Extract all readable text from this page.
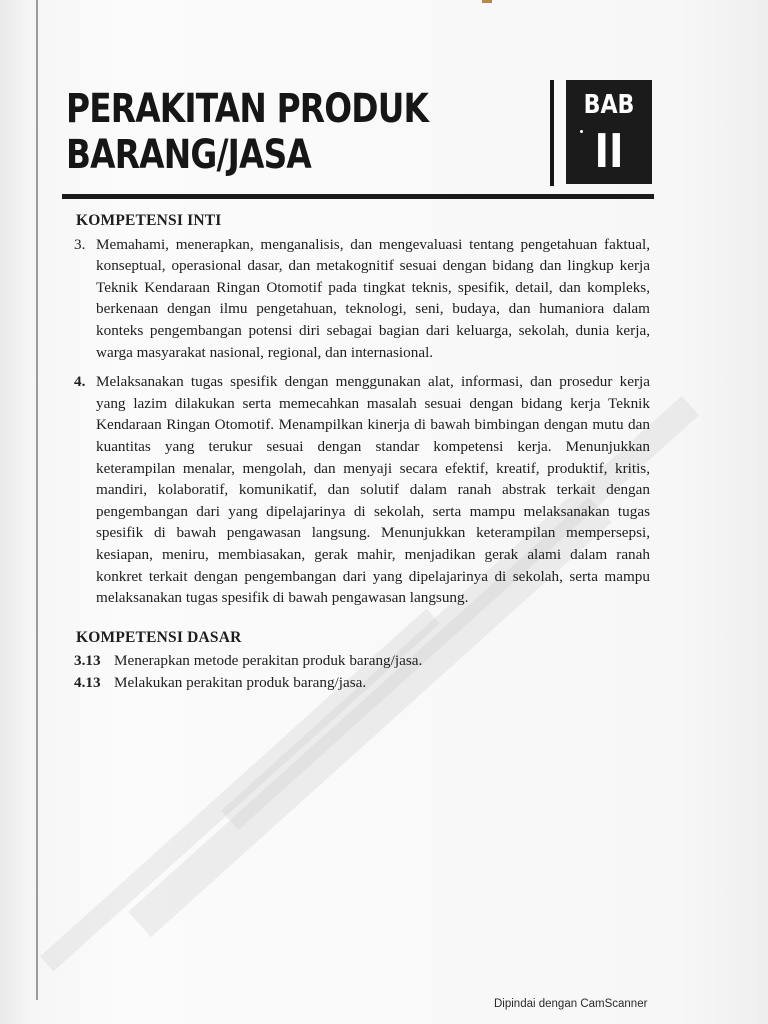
PERAKITAN PRODUK
BARANG/JASA
BAB
II
KOMPETENSI INTI
3. Memahami, menerapkan, menganalisis, dan mengevaluasi tentang pengetahuan faktual, konseptual, operasional dasar, dan metakognitif sesuai dengan bidang dan lingkup kerja Teknik Kendaraan Ringan Otomotif pada tingkat teknis, spesifik, detail, dan kompleks, berkenaan dengan ilmu pengetahuan, teknologi, seni, budaya, dan humaniora dalam konteks pengembangan potensi diri sebagai bagian dari keluarga, sekolah, dunia kerja, warga masyarakat nasional, regional, dan internasional.
4. Melaksanakan tugas spesifik dengan menggunakan alat, informasi, dan prosedur kerja yang lazim dilakukan serta memecahkan masalah sesuai dengan bidang kerja Teknik Kendaraan Ringan Otomotif. Menampilkan kinerja di bawah bimbingan dengan mutu dan kuantitas yang terukur sesuai dengan standar kompetensi kerja. Menunjukkan keterampilan menalar, mengolah, dan menyaji secara efektif, kreatif, produktif, kritis, mandiri, kolaboratif, komunikatif, dan solutif dalam ranah abstrak terkait dengan pengembangan dari yang dipelajarinya di sekolah, serta mampu melaksanakan tugas spesifik di bawah pengawasan langsung. Menunjukkan keterampilan mempersepsi, kesiapan, meniru, membiasakan, gerak mahir, menjadikan gerak alami dalam ranah konkret terkait dengan pengembangan dari yang dipelajarinya di sekolah, serta mampu melaksanakan tugas spesifik di bawah pengawasan langsung.
KOMPETENSI DASAR
3.13 Menerapkan metode perakitan produk barang/jasa.
4.13 Melakukan perakitan produk barang/jasa.
Dipindai dengan CamScanner
